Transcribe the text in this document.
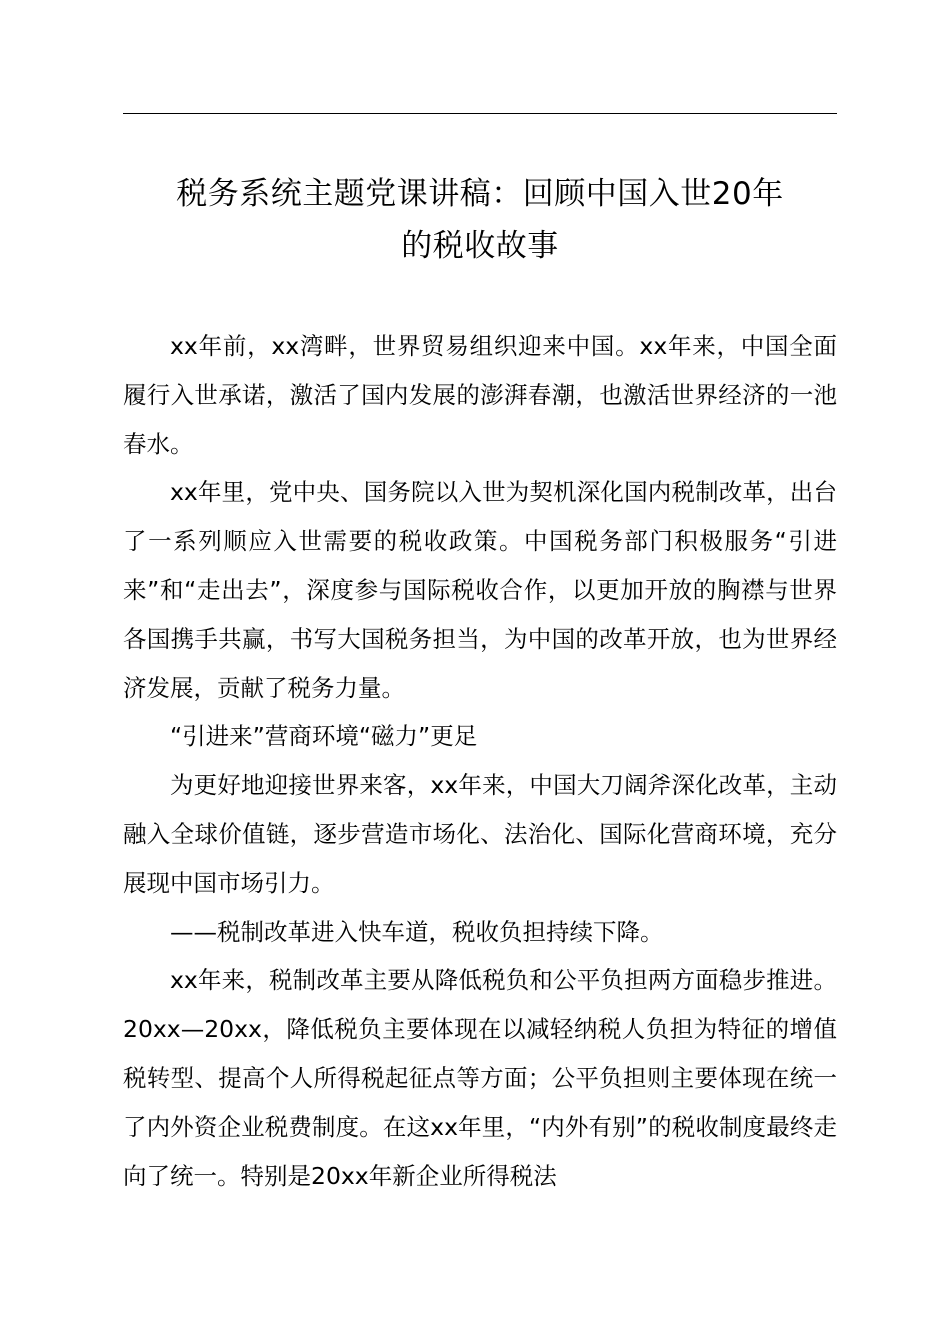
税务系统主题党课讲稿：回顾中国入世20年
的税收故事

xx年前，xx湾畔，世界贸易组织迎来中国。xx年来，中国全面履行入世承诺，激活了国内发展的澎湃春潮，也激活世界经济的一池春水。

xx年里，党中央、国务院以入世为契机深化国内税制改革，出台了一系列顺应入世需要的税收政策。中国税务部门积极服务“引进来”和“走出去”，深度参与国际税收合作，以更加开放的胸襟与世界各国携手共赢，书写大国税务担当，为中国的改革开放，也为世界经济发展，贡献了税务力量。

“引进来”营商环境“磁力”更足

为更好地迎接世界来客，xx年来，中国大刀阔斧深化改革，主动融入全球价值链，逐步营造市场化、法治化、国际化营商环境，充分展现中国市场引力。

——税制改革进入快车道，税收负担持续下降。

xx年来，税制改革主要从降低税负和公平负担两方面稳步推进。20xx—20xx，降低税负主要体现在以减轻纳税人负担为特征的增值税转型、提高个人所得税起征点等方面；公平负担则主要体现在统一了内外资企业税费制度。在这xx年里，“内外有别”的税收制度最终走向了统一。特别是20xx年新企业所得税法
